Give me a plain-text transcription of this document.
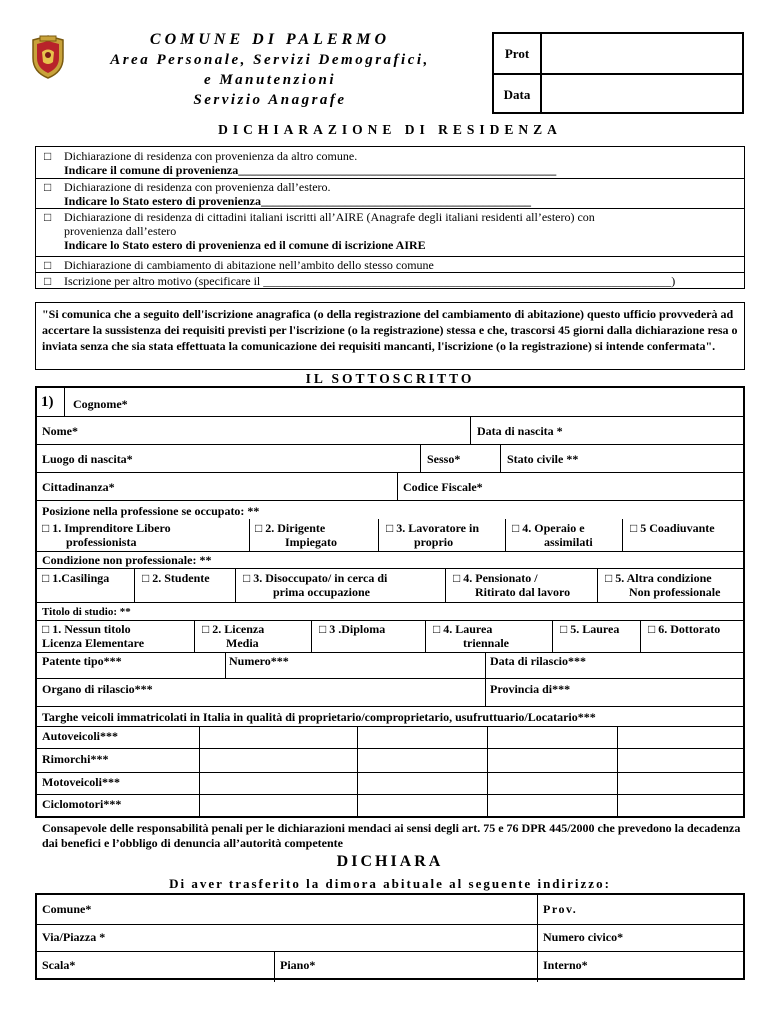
COMUNE DI PALERMO
Area Personale, Servizi Demografici,
e Manutenzioni
Servizio Anagrafe
Prot
Data
DICHIARAZIONE DI RESIDENZA
□ Dichiarazione di residenza con provenienza da altro comune.
Indicare il comune di provenienza_____________________________________________________
□ Dichiarazione di residenza con provenienza dall’estero.
Indicare lo Stato estero di provenienza_____________________________________________
□ Dichiarazione di residenza di cittadini italiani iscritti all’AIRE (Anagrafe degli italiani residenti all’estero) con
provenienza dall’estero
Indicare lo Stato estero di provenienza ed il comune di iscrizione AIRE
□ Dichiarazione di cambiamento di abitazione nell’ambito dello stesso comune
□ Iscrizione per altro motivo (specificare il ____________________________________________________________________)
"Si comunica che a seguito dell'iscrizione anagrafica (o della registrazione del cambiamento di abitazione) questo ufficio provvederà ad accertare la sussistenza dei requisiti previsti per l'iscrizione (o la registrazione) stessa e che, trascorsi 45 giorni dalla dichiarazione resa o inviata senza che sia stata effettuata la comunicazione dei requisiti mancanti, l'iscrizione (o la registrazione) si intende confermata".
IL SOTTOSCRITTO
1) Cognome*
Nome*	Data di nascita *
Luogo di nascita*	Sesso*	Stato civile **
Cittadinanza*	Codice Fiscale*
Posizione nella professione se occupato: **
□ 1. Imprenditore Libero
professionista
□ 2. Dirigente
Impiegato
□ 3. Lavoratore in
proprio
□ 4. Operaio e
assimilati
□ 5 Coadiuvante
Condizione non professionale: **
□ 1.Casilinga	□ 2. Studente	□ 3. Disoccupato/ in cerca di
prima occupazione
□ 4. Pensionato /
Ritirato dal lavoro
□ 5. Altra condizione
Non professionale
Titolo di studio: **
□ 1. Nessun titolo
Licenza Elementare
□ 2. Licenza
Media
□ 3 .Diploma	□ 4. Laurea
triennale
□ 5. Laurea □ 6. Dottorato
Patente tipo***	Numero***	Data di rilascio***
Organo di rilascio***	Provincia di***
Targhe veicoli immatricolati in Italia in qualità di proprietario/comproprietario, usufruttuario/Locatario***
Autoveicoli***
Rimorchi***
Motoveicoli***
Ciclomotori***
Consapevole delle responsabilità penali per le dichiarazioni mendaci ai sensi degli art. 75 e 76 DPR 445/2000 che prevedono la decadenza dai benefici e l’obbligo di denuncia all’autorità competente
DICHIARA
Di aver trasferito la dimora abituale al seguente indirizzo:
Comune*	Prov.
Via/Piazza *	Numero civico*
Scala*	Piano*	Interno*
